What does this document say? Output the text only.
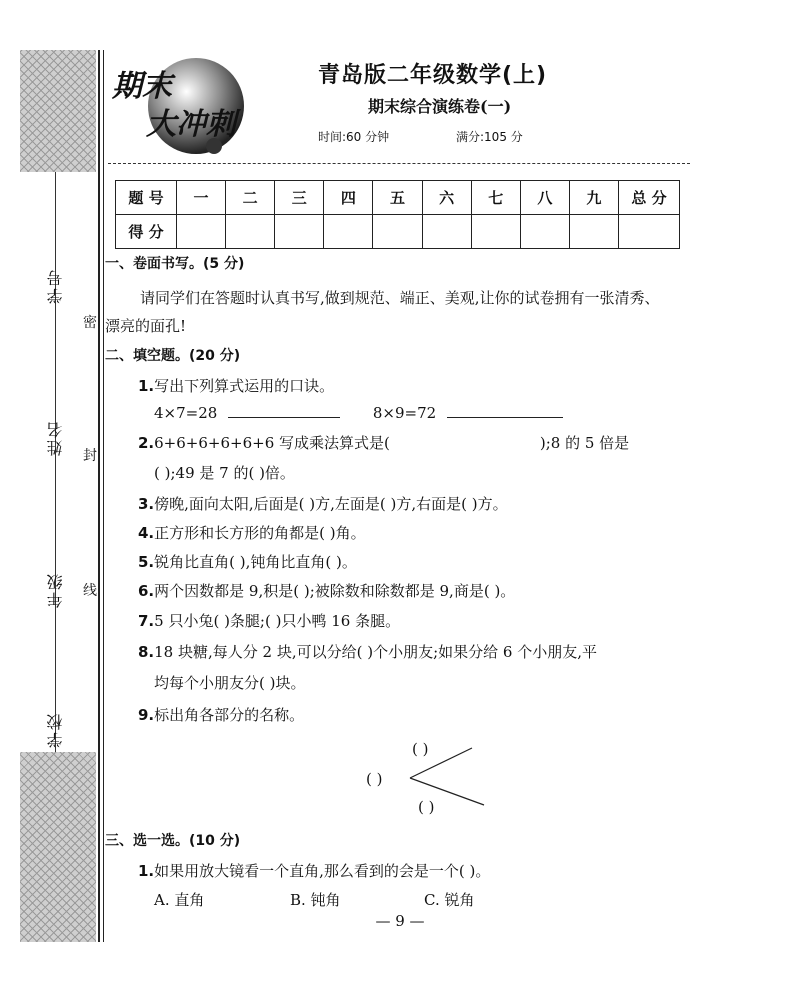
学号
姓名
年级
学校
密
封
线
期末
大冲刺
青岛版二年级数学(上)
期末综合演练卷(一)
时间:60 分钟	满分:105 分
题 号	一	二	三	四	五	六	七	八	九	总 分
得 分										
一、卷面书写。(5 分)
请同学们在答题时认真书写,做到规范、端正、美观,让你的试卷拥有一张清秀、
漂亮的面孔!
二、填空题。(20 分)
1.写出下列算式运用的口诀。
4×7=28	8×9=72
2.6+6+6+6+6+6 写成乘法算式是(	);8 的 5 倍是
( );49 是 7 的( )倍。
3.傍晚,面向太阳,后面是( )方,左面是( )方,右面是( )方。
4.正方形和长方形的角都是( )角。
5.锐角比直角( ),钝角比直角( )。
6.两个因数都是 9,积是( );被除数和除数都是 9,商是( )。
7.5 只小兔( )条腿;( )只小鸭 16 条腿。
8.18 块糖,每人分 2 块,可以分给( )个小朋友;如果分给 6 个小朋友,平
均每个小朋友分( )块。
9.标出角各部分的名称。
( )
( )
( )
三、选一选。(10 分)
1.如果用放大镜看一个直角,那么看到的会是一个( )。
A. 直角	B. 钝角	C. 锐角
— 9 —
